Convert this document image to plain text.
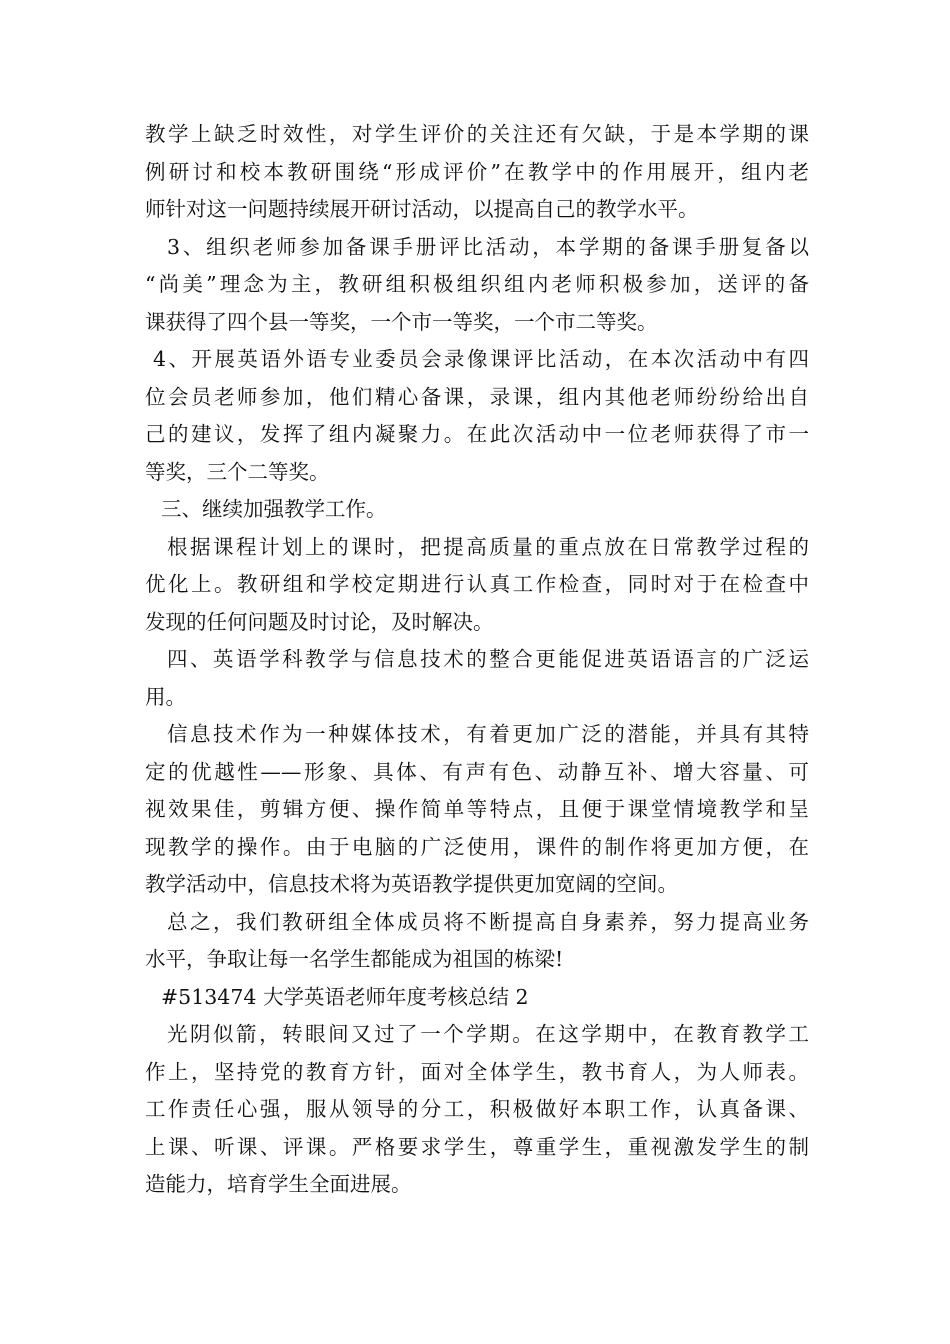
教学上缺乏时效性，对学生评价的关注还有欠缺，于是本学期的课
例研讨和校本教研围绕“形成评价”在教学中的作用展开，组内老
师针对这一问题持续展开研讨活动，以提高自己的教学水平。
3、组织老师参加备课手册评比活动，本学期的备课手册复备以
“尚美”理念为主，教研组积极组织组内老师积极参加，送评的备
课获得了四个县一等奖，一个市一等奖，一个市二等奖。
4、开展英语外语专业委员会录像课评比活动，在本次活动中有四
位会员老师参加，他们精心备课，录课，组内其他老师纷纷给出自
己的建议，发挥了组内凝聚力。在此次活动中一位老师获得了市一
等奖，三个二等奖。
三、继续加强教学工作。
根据课程计划上的课时，把提高质量的重点放在日常教学过程的
优化上。教研组和学校定期进行认真工作检查，同时对于在检查中
发现的任何问题及时讨论，及时解决。
四、英语学科教学与信息技术的整合更能促进英语语言的广泛运
用。
信息技术作为一种媒体技术，有着更加广泛的潜能，并具有其特
定的优越性——形象、具体、有声有色、动静互补、增大容量、可
视效果佳，剪辑方便、操作简单等特点，且便于课堂情境教学和呈
现教学的操作。由于电脑的广泛使用，课件的制作将更加方便，在
教学活动中，信息技术将为英语教学提供更加宽阔的空间。
总之，我们教研组全体成员将不断提高自身素养，努力提高业务
水平，争取让每一名学生都能成为祖国的栋梁!
#513474 大学英语老师年度考核总结 2
光阴似箭，转眼间又过了一个学期。在这学期中，在教育教学工
作上，坚持党的教育方针，面对全体学生，教书育人，为人师表。
工作责任心强，服从领导的分工，积极做好本职工作，认真备课、
上课、听课、评课。严格要求学生，尊重学生，重视激发学生的制
造能力，培育学生全面进展。
